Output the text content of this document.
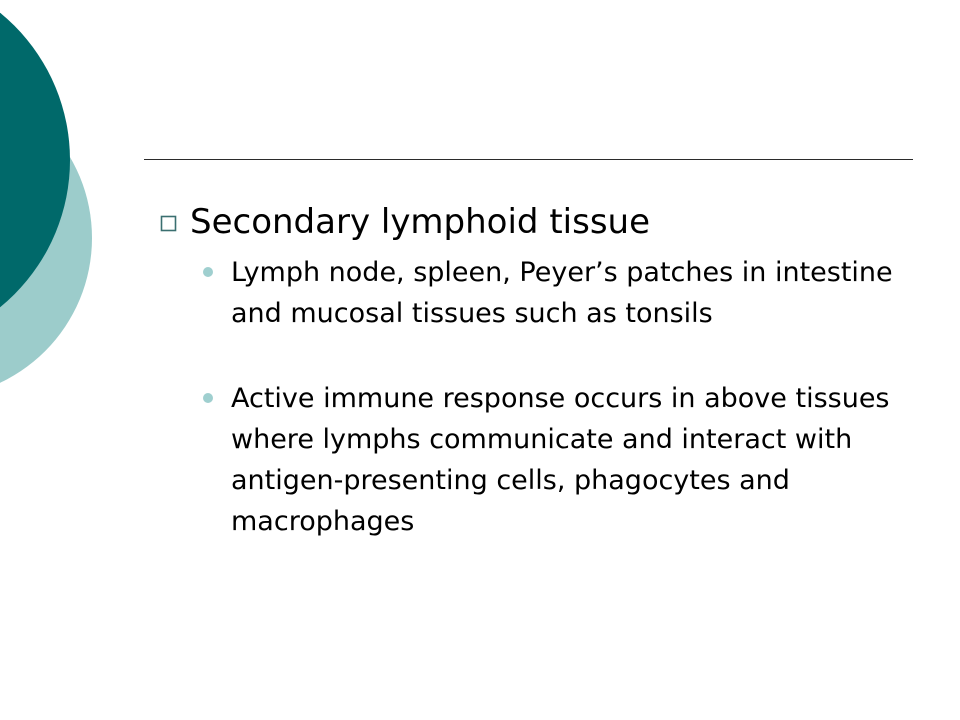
Secondary lymphoid tissue
Lymph node, spleen, Peyer’s patches in intestine and mucosal tissues such as tonsils
Active immune response occurs in above tissues where lymphs communicate and interact with antigen-presenting cells, phagocytes and macrophages
